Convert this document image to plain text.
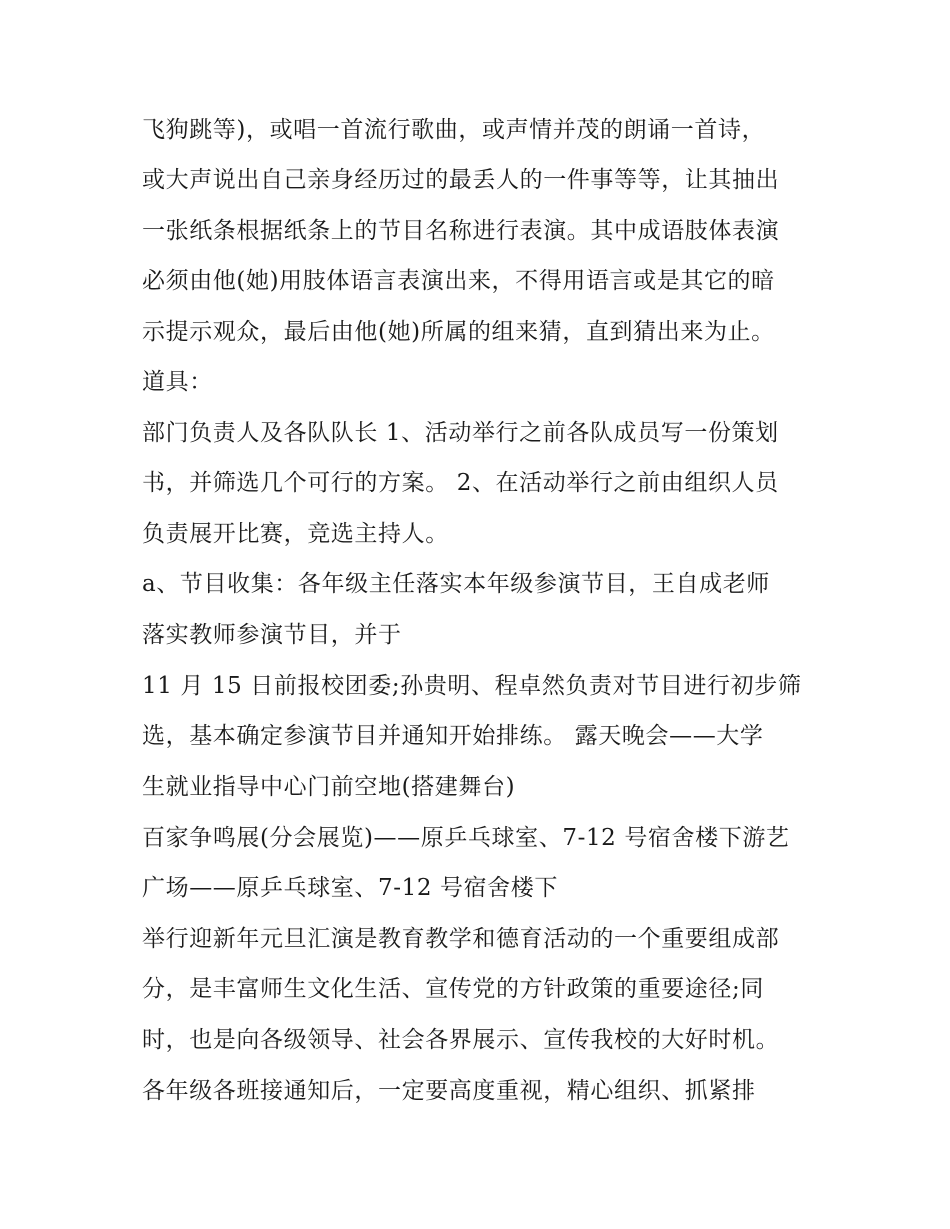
飞狗跳等)，或唱一首流行歌曲，或声情并茂的朗诵一首诗，

或大声说出自己亲身经历过的最丢人的一件事等等，让其抽出

一张纸条根据纸条上的节目名称进行表演。其中成语肢体表演

必须由他(她)用肢体语言表演出来，不得用语言或是其它的暗

示提示观众，最后由他(她)所属的组来猜，直到猜出来为止。

道具：

部门负责人及各队队长 1、活动举行之前各队成员写一份策划

书，并筛选几个可行的方案。 2、在活动举行之前由组织人员

负责展开比赛，竞选主持人。

a、节目收集：各年级主任落实本年级参演节目，王自成老师

落实教师参演节目，并于

11 月 15 日前报校团委;孙贵明、程卓然负责对节目进行初步筛

选，基本确定参演节目并通知开始排练。 露天晚会——大学

生就业指导中心门前空地(搭建舞台)

百家争鸣展(分会展览)——原乒乓球室、7-12 号宿舍楼下游艺

广场——原乒乓球室、7-12 号宿舍楼下

举行迎新年元旦汇演是教育教学和德育活动的一个重要组成部

分，是丰富师生文化生活、宣传党的方针政策的重要途径;同

时，也是向各级领导、社会各界展示、宣传我校的大好时机。

各年级各班接通知后，一定要高度重视，精心组织、抓紧排
